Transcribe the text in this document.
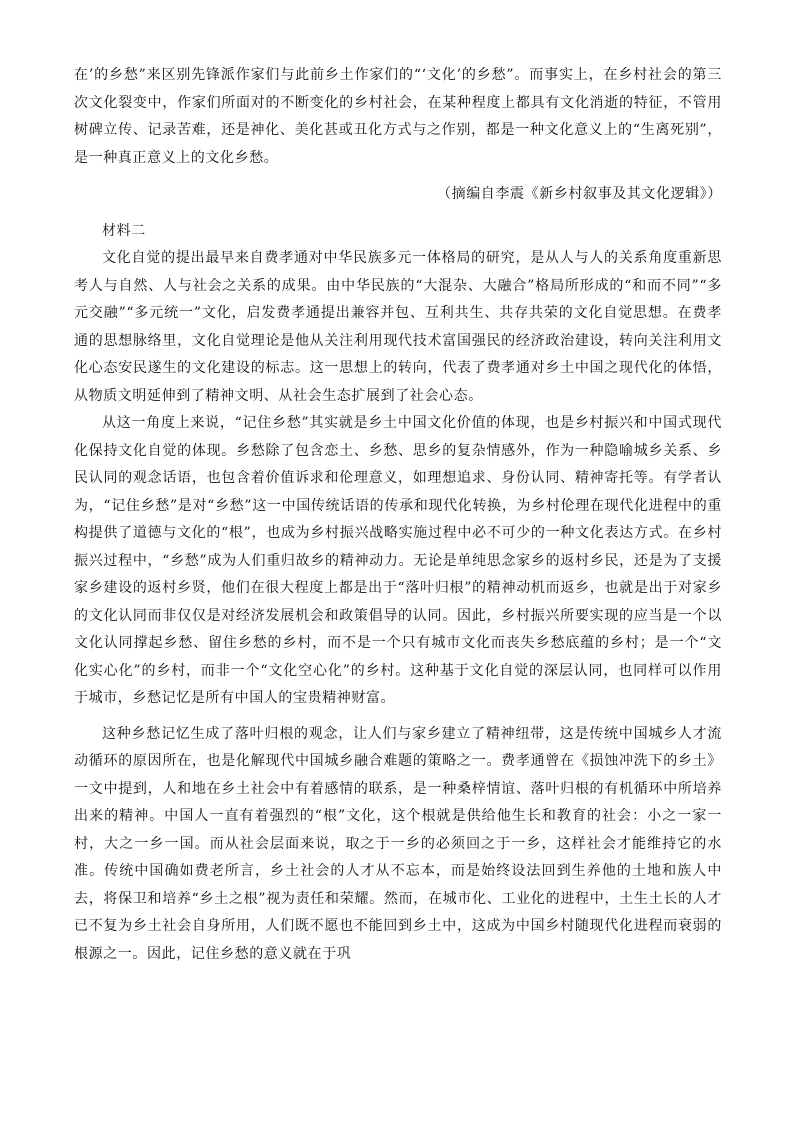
在’的乡愁”来区别先锋派作家们与此前乡土作家们的“‘文化’的乡愁”。而事实上，在乡村社会的第三次文化裂变中，作家们所面对的不断变化的乡村社会，在某种程度上都具有文化消逝的特征，不管用树碑立传、记录苦难，还是神化、美化甚或丑化方式与之作别，都是一种文化意义上的“生离死别”，是一种真正意义上的文化乡愁。

（摘编自李震《新乡村叙事及其文化逻辑》）

材料二

文化自觉的提出最早来自费孝通对中华民族多元一体格局的研究，是从人与人的关系角度重新思考人与自然、人与社会之关系的成果。由中华民族的“大混杂、大融合”格局所形成的“和而不同”“多元交融”“多元统一”文化，启发费孝通提出兼容并包、互利共生、共存共荣的文化自觉思想。在费孝通的思想脉络里，文化自觉理论是他从关注利用现代技术富国强民的经济政治建设，转向关注利用文化心态安民遂生的文化建设的标志。这一思想上的转向，代表了费孝通对乡土中国之现代化的体悟，从物质文明延伸到了精神文明、从社会生态扩展到了社会心态。

从这一角度上来说，“记住乡愁”其实就是乡土中国文化价值的体现，也是乡村振兴和中国式现代化保持文化自觉的体现。乡愁除了包含恋土、乡愁、思乡的复杂情感外，作为一种隐喻城乡关系、乡民认同的观念话语，也包含着价值诉求和伦理意义，如理想追求、身份认同、精神寄托等。有学者认为，“记住乡愁”是对“乡愁”这一中国传统话语的传承和现代化转换，为乡村伦理在现代化进程中的重构提供了道德与文化的“根”，也成为乡村振兴战略实施过程中必不可少的一种文化表达方式。在乡村振兴过程中，“乡愁”成为人们重归故乡的精神动力。无论是单纯思念家乡的返村乡民，还是为了支援家乡建设的返村乡贤，他们在很大程度上都是出于“落叶归根”的精神动机而返乡，也就是出于对家乡的文化认同而非仅仅是对经济发展机会和政策倡导的认同。因此，乡村振兴所要实现的应当是一个以文化认同撑起乡愁、留住乡愁的乡村，而不是一个只有城市文化而丧失乡愁底蕴的乡村；是一个“文化实心化”的乡村，而非一个“文化空心化”的乡村。这种基于文化自觉的深层认同，也同样可以作用于城市，乡愁记忆是所有中国人的宝贵精神财富。

这种乡愁记忆生成了落叶归根的观念，让人们与家乡建立了精神纽带，这是传统中国城乡人才流动循环的原因所在，也是化解现代中国城乡融合难题的策略之一。费孝通曾在《损蚀冲洗下的乡土》一文中提到，人和地在乡土社会中有着感情的联系，是一种桑梓情谊、落叶归根的有机循环中所培养出来的精神。中国人一直有着强烈的“根”文化，这个根就是供给他生长和教育的社会：小之一家一村，大之一乡一国。而从社会层面来说，取之于一乡的必须回之于一乡，这样社会才能维持它的水准。传统中国确如费老所言，乡土社会的人才从不忘本，而是始终设法回到生养他的土地和族人中去，将保卫和培养“乡土之根”视为责任和荣耀。然而，在城市化、工业化的进程中，土生土长的人才已不复为乡土社会自身所用，人们既不愿也不能回到乡土中，这成为中国乡村随现代化进程而衰弱的根源之一。因此，记住乡愁的意义就在于巩
